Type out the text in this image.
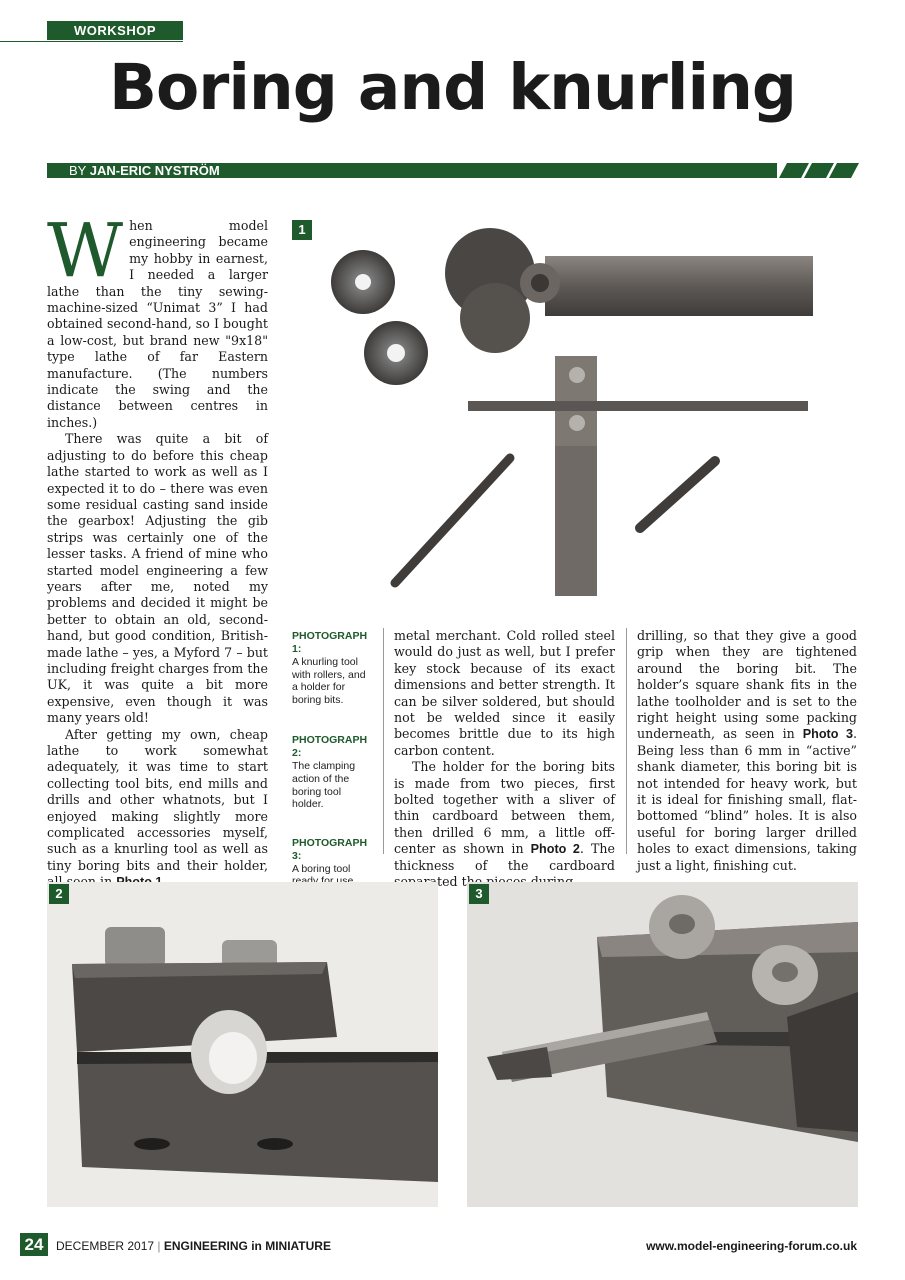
WORKSHOP
Boring and knurling
BY JAN-ERIC NYSTRÖM

When model engineering became my hobby in earnest, I needed a larger lathe than the tiny sewing-machine-sized “Unimat 3” I had obtained second-hand, so I bought a low-cost, but brand new "9x18" type lathe of far Eastern manufacture. (The numbers indicate the swing and the distance between centres in inches.)

There was quite a bit of adjusting to do before this cheap lathe started to work as well as I expected it to do – there was even some residual casting sand inside the gearbox! Adjusting the gib strips was certainly one of the lesser tasks. A friend of mine who started model engineering a few years after me, noted my problems and decided it might be better to obtain an old, second-hand, but good condition, British-made lathe – yes, a Myford 7 – but including freight charges from the UK, it was quite a bit more expensive, even though it was many years old!

After getting my own, cheap lathe to work somewhat adequately, it was time to start collecting tool bits, end mills and drills and other whatnots, but I enjoyed making slightly more complicated accessories myself, such as a knurling tool as well as tiny boring bits and their holder,

1
PHOTOGRAPH 1:
A knurling tool with rollers, and a holder for boring bits.
PHOTOGRAPH 2:
The clamping action of the boring tool holder.
PHOTOGRAPH 3:
A boring tool

metal merchant. Cold rolled steel would do just as well, but I prefer key stock because of its exact dimensions and better strength. It can be silver soldered, but should not be welded since it easily becomes brittle due to its high carbon content.

The holder for the boring bits is made from two pieces, first bolted together with a sliver of thin cardboard between them, then drilled 6 mm, a little off-center as shown in Photo 2. The thickness of the cardboard

drilling, so that they give a good grip when they are tightened around the boring bit. The holder’s square shank fits in the lathe toolholder and is set to the right height using some packing underneath, as seen in Photo 3. Being less than 6 mm in “active” shank diameter, this boring bit is not intended for heavy work, but it is ideal for finishing small, flat-bottomed “blind” holes. It is also useful for boring larger drilled holes to exact dimensions, taking just a light, finishing cut.

2	3
24	DECEMBER 2017 | ENGINEERING in MINIATURE	www.model-engineering-forum.co.uk
